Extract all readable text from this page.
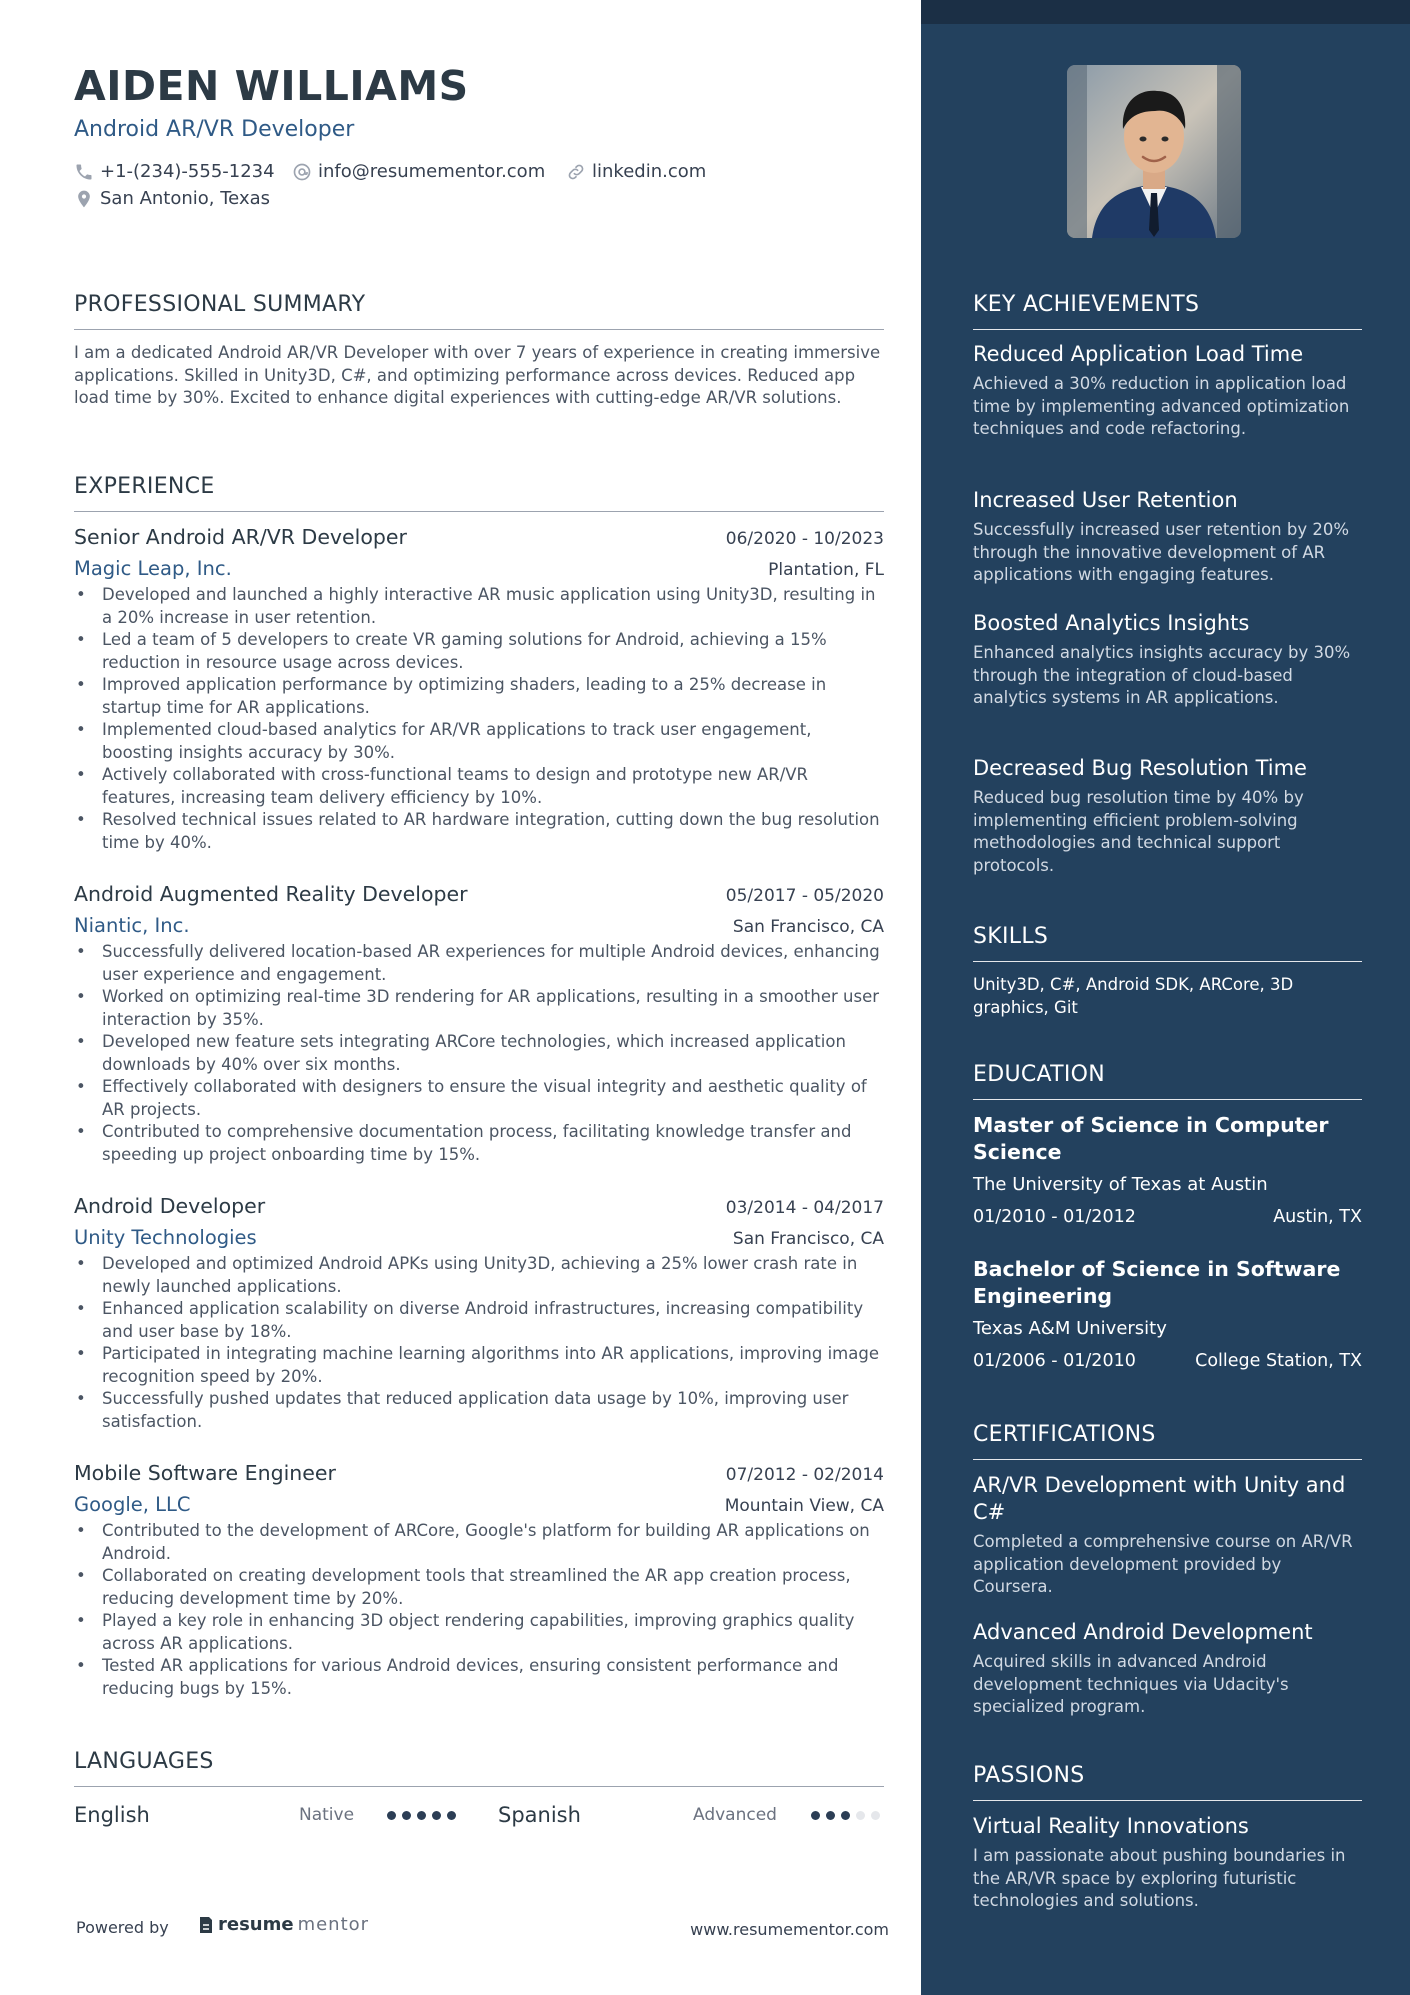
AIDEN WILLIAMS
Android AR/VR Developer
+1-(234)-555-1234 info@resumementor.com	linkedin.com
San Antonio, Texas
PROFESSIONAL SUMMARY
I am a dedicated Android AR/VR Developer with over 7 years of experience in creating immersive applications. Skilled in Unity3D, C#, and optimizing performance across devices. Reduced app load time by 30%. Excited to enhance digital experiences with cutting-edge AR/VR solutions.
EXPERIENCE
Senior Android AR/VR Developer	06/2020 - 10/2023
Magic Leap, Inc.	Plantation, FL
• Developed and launched a highly interactive AR music application using Unity3D, resulting in a 20% increase in user retention.
• Led a team of 5 developers to create VR gaming solutions for Android, achieving a 15% reduction in resource usage across devices.
• Improved application performance by optimizing shaders, leading to a 25% decrease in startup time for AR applications.
• Implemented cloud-based analytics for AR/VR applications to track user engagement, boosting insights accuracy by 30%.
• Actively collaborated with cross-functional teams to design and prototype new AR/VR features, increasing team delivery efficiency by 10%.
• Resolved technical issues related to AR hardware integration, cutting down the bug resolution time by 40%.
Android Augmented Reality Developer	05/2017 - 05/2020
Niantic, Inc.	San Francisco, CA
• Successfully delivered location-based AR experiences for multiple Android devices, enhancing user experience and engagement.
• Worked on optimizing real-time 3D rendering for AR applications, resulting in a smoother user interaction by 35%.
• Developed new feature sets integrating ARCore technologies, which increased application downloads by 40% over six months.
• Effectively collaborated with designers to ensure the visual integrity and aesthetic quality of AR projects.
• Contributed to comprehensive documentation process, facilitating knowledge transfer and speeding up project onboarding time by 15%.
Android Developer	03/2014 - 04/2017
Unity Technologies	San Francisco, CA
• Developed and optimized Android APKs using Unity3D, achieving a 25% lower crash rate in newly launched applications.
• Enhanced application scalability on diverse Android infrastructures, increasing compatibility and user base by 18%.
• Participated in integrating machine learning algorithms into AR applications, improving image recognition speed by 20%.
• Successfully pushed updates that reduced application data usage by 10%, improving user satisfaction.
Mobile Software Engineer	07/2012 - 02/2014
Google, LLC	Mountain View, CA
• Contributed to the development of ARCore, Google's platform for building AR applications on Android.
• Collaborated on creating development tools that streamlined the AR app creation process, reducing development time by 20%.
• Played a key role in enhancing 3D object rendering capabilities, improving graphics quality across AR applications.
• Tested AR applications for various Android devices, ensuring consistent performance and reducing bugs by 15%.
LANGUAGES
English	Native	Spanish	Advanced
Powered by	resume mentor	www.resumementor.com
KEY ACHIEVEMENTS
Reduced Application Load Time
Achieved a 30% reduction in application load time by implementing advanced optimization techniques and code refactoring.
Increased User Retention
Successfully increased user retention by 20% through the innovative development of AR applications with engaging features.
Boosted Analytics Insights
Enhanced analytics insights accuracy by 30% through the integration of cloud-based analytics systems in AR applications.
Decreased Bug Resolution Time
Reduced bug resolution time by 40% by implementing efficient problem-solving methodologies and technical support protocols.
SKILLS
Unity3D, C#, Android SDK, ARCore, 3D graphics, Git
EDUCATION
Master of Science in Computer Science
The University of Texas at Austin
01/2010 - 01/2012	Austin, TX
Bachelor of Science in Software Engineering
Texas A&M University
01/2006 - 01/2010	College Station, TX
CERTIFICATIONS
AR/VR Development with Unity and C#
Completed a comprehensive course on AR/VR application development provided by Coursera.
Advanced Android Development
Acquired skills in advanced Android development techniques via Udacity's specialized program.
PASSIONS
Virtual Reality Innovations
I am passionate about pushing boundaries in the AR/VR space by exploring futuristic technologies and solutions.
